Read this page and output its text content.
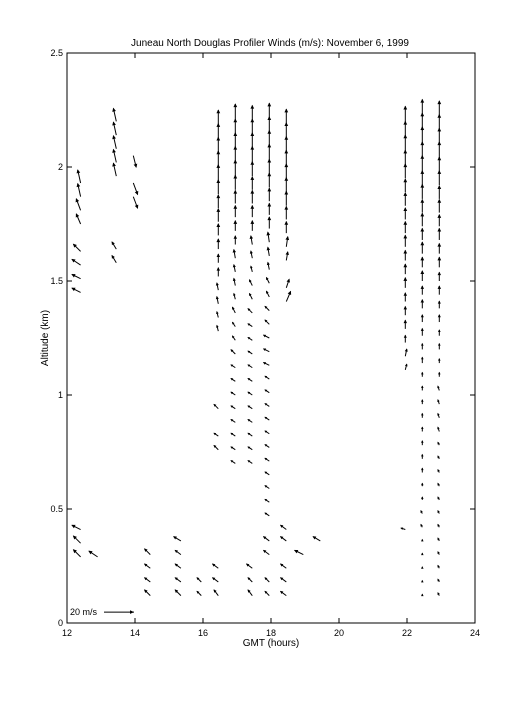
Juneau North Douglas Profiler Winds (m/s): November 6, 1999
12	14	16	18	20	22	24
0
0.5
1
1.5
2
2.5
GMT (hours)
Altitude (km)
20 m/s
